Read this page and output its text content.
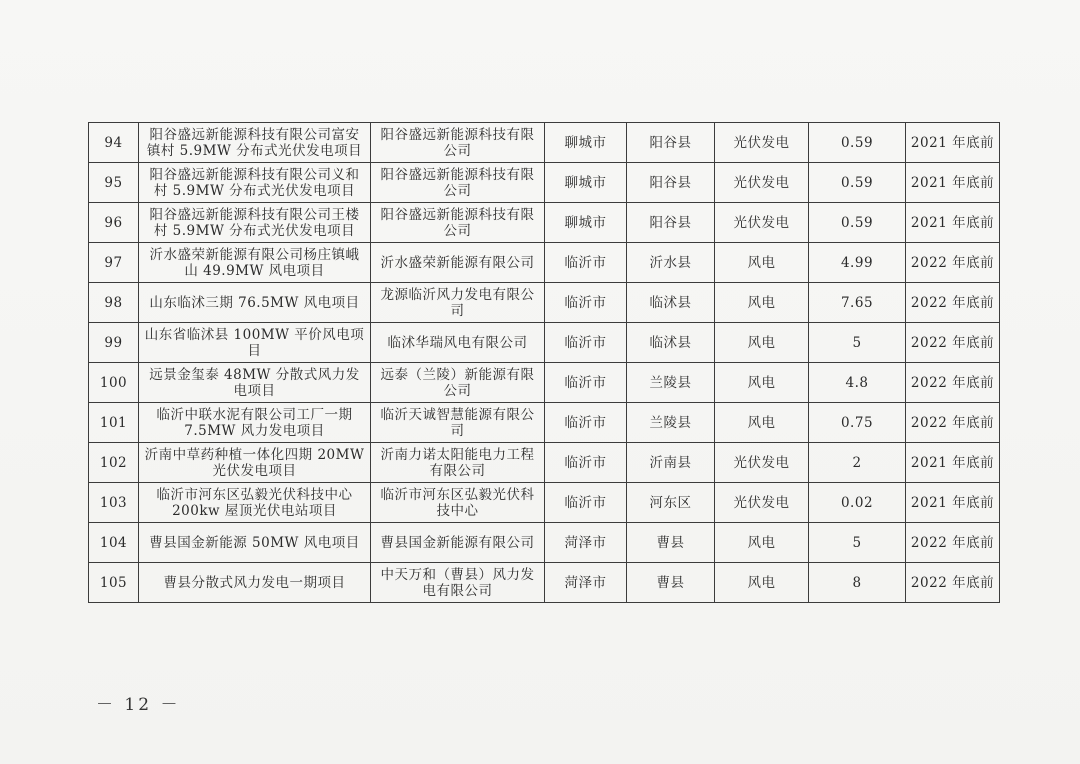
94	阳谷盛远新能源科技有限公司富安镇村 5.9MW 分布式光伏发电项目	阳谷盛远新能源科技有限公司	聊城市	阳谷县	光伏发电	0.59	2021 年底前
95	阳谷盛远新能源科技有限公司义和村 5.9MW 分布式光伏发电项目	阳谷盛远新能源科技有限公司	聊城市	阳谷县	光伏发电	0.59	2021 年底前
96	阳谷盛远新能源科技有限公司王楼村 5.9MW 分布式光伏发电项目	阳谷盛远新能源科技有限公司	聊城市	阳谷县	光伏发电	0.59	2021 年底前
97	沂水盛荣新能源有限公司杨庄镇峨山 49.9MW 风电项目	沂水盛荣新能源有限公司	临沂市	沂水县	风电	4.99	2022 年底前
98	山东临沭三期 76.5MW 风电项目	龙源临沂风力发电有限公司	临沂市	临沭县	风电	7.65	2022 年底前
99	山东省临沭县 100MW 平价风电项目	临沭华瑞风电有限公司	临沂市	临沭县	风电	5	2022 年底前
100	远景金玺泰 48MW 分散式风力发电项目	远泰（兰陵）新能源有限公司	临沂市	兰陵县	风电	4.8	2022 年底前
101	临沂中联水泥有限公司工厂一期 7.5MW 风力发电项目	临沂天诚智慧能源有限公司	临沂市	兰陵县	风电	0.75	2022 年底前
102	沂南中草药种植一体化四期 20MW 光伏发电项目	沂南力诺太阳能电力工程有限公司	临沂市	沂南县	光伏发电	2	2021 年底前
103	临沂市河东区弘毅光伏科技中心 200kw 屋顶光伏电站项目	临沂市河东区弘毅光伏科技中心	临沂市	河东区	光伏发电	0.02	2021 年底前
104	曹县国金新能源 50MW 风电项目	曹县国金新能源有限公司	菏泽市	曹县	风电	5	2022 年底前
105	曹县分散式风力发电一期项目	中天万和（曹县）风力发电有限公司	菏泽市	曹县	风电	8	2022 年底前
－ 12 －
